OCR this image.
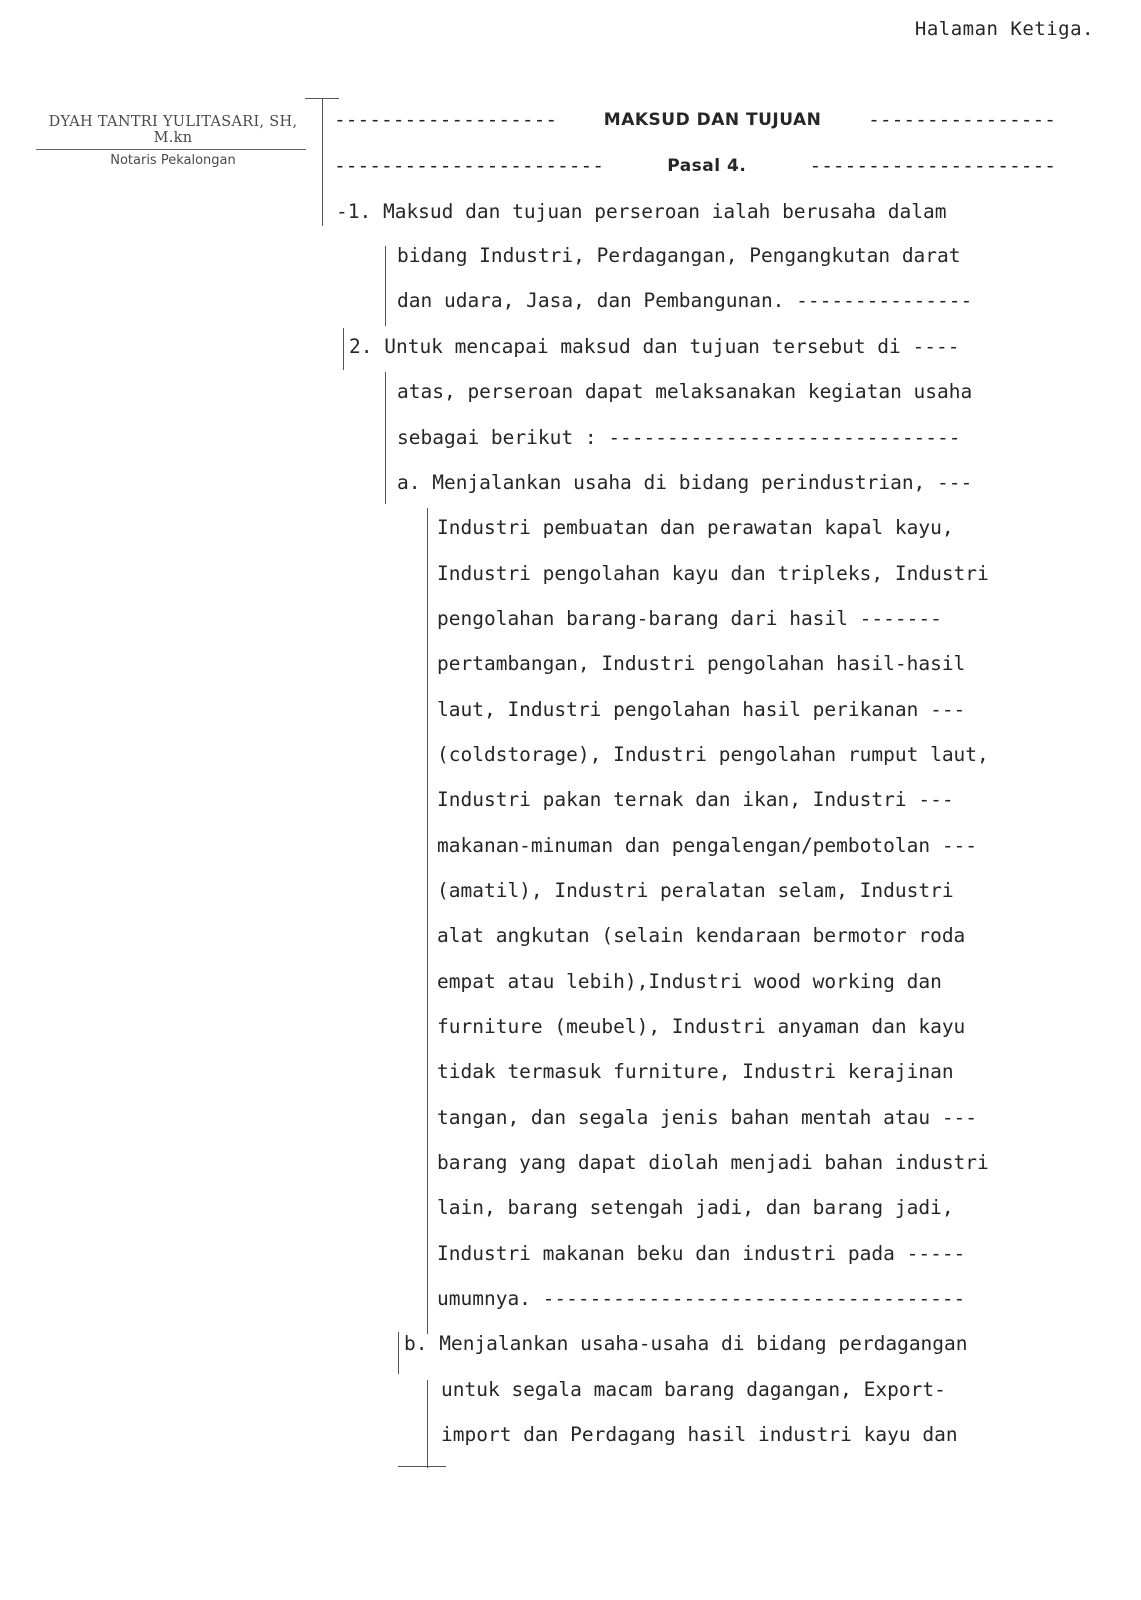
Halaman Ketiga.
DYAH TANTRI YULITASARI, SH, M.kn
Notaris Pekalongan
-------------------	MAKSUD DAN TUJUAN ----------------
-----------------------	Pasal 4.	---------------------
-1. Maksud dan tujuan perseroan ialah berusaha dalam
bidang Industri, Perdagangan, Pengangkutan darat
dan udara, Jasa, dan Pembangunan. ---------------
2. Untuk mencapai maksud dan tujuan tersebut di ----
atas, perseroan dapat melaksanakan kegiatan usaha
sebagai berikut : ------------------------------
a. Menjalankan usaha di bidang perindustrian, ---
Industri pembuatan dan perawatan kapal kayu,
Industri pengolahan kayu dan tripleks, Industri
pengolahan barang-barang dari hasil -------
pertambangan, Industri pengolahan hasil-hasil
laut, Industri pengolahan hasil perikanan ---
(coldstorage), Industri pengolahan rumput laut,
Industri pakan ternak dan ikan, Industri ---
makanan-minuman dan pengalengan/pembotolan ---
(amatil), Industri peralatan selam, Industri
alat angkutan (selain kendaraan bermotor roda
empat atau lebih),Industri wood working dan
furniture (meubel), Industri anyaman dan kayu
tidak termasuk furniture, Industri kerajinan
tangan, dan segala jenis bahan mentah atau ---
barang yang dapat diolah menjadi bahan industri
lain, barang setengah jadi, dan barang jadi,
Industri makanan beku dan industri pada -----
umumnya. ------------------------------------
b. Menjalankan usaha-usaha di bidang perdagangan
untuk segala macam barang dagangan, Export-
import dan Perdagang hasil industri kayu dan
